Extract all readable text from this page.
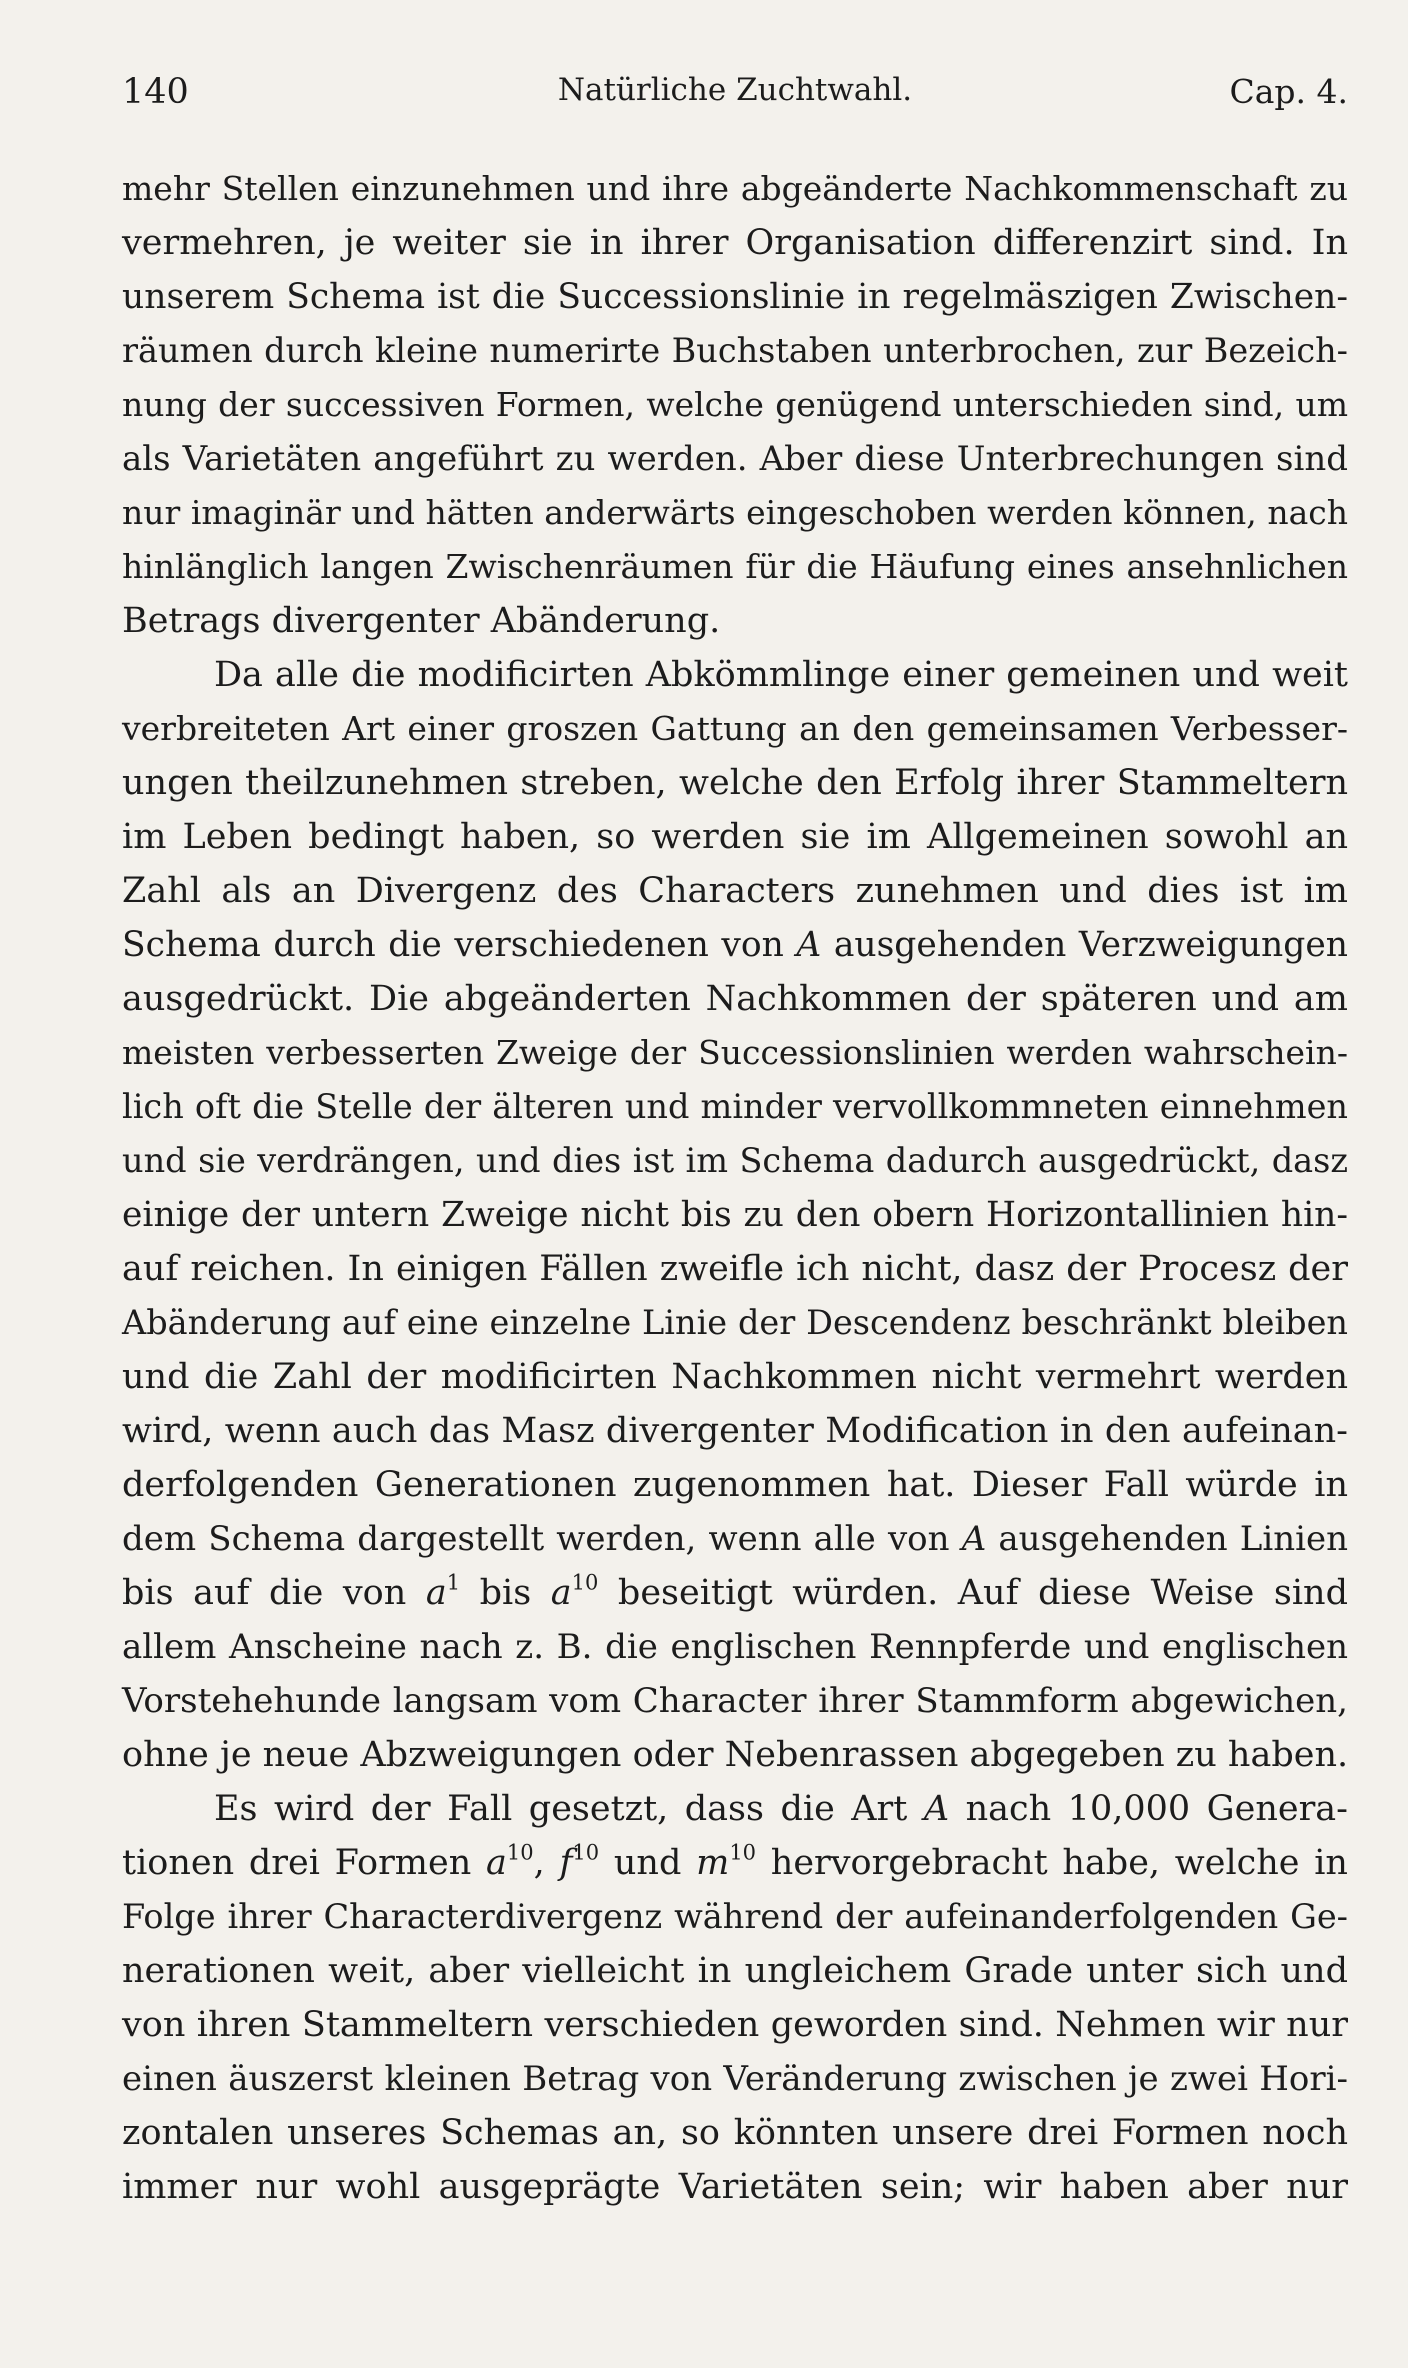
140	Natürliche Zuchtwahl.	Cap. 4.
mehr Stellen einzunehmen und ihre abgeänderte Nachkommenschaft zu
vermehren, je weiter sie in ihrer Organisation differenzirt sind. In
unserem Schema ist die Successionslinie in regelmäszigen Zwischen-
räumen durch kleine numerirte Buchstaben unterbrochen, zur Bezeich-
nung der successiven Formen, welche genügend unterschieden sind, um
als Varietäten angeführt zu werden. Aber diese Unterbrechungen sind
nur imaginär und hätten anderwärts eingeschoben werden können, nach
hinlänglich langen Zwischenräumen für die Häufung eines ansehnlichen
Betrags divergenter Abänderung.
Da alle die modificirten Abkömmlinge einer gemeinen und weit
verbreiteten Art einer groszen Gattung an den gemeinsamen Verbesser-
ungen theilzunehmen streben, welche den Erfolg ihrer Stammeltern
im Leben bedingt haben, so werden sie im Allgemeinen sowohl an
Zahl als an Divergenz des Characters zunehmen und dies ist im
Schema durch die verschiedenen von A ausgehenden Verzweigungen
ausgedrückt. Die abgeänderten Nachkommen der späteren und am
meisten verbesserten Zweige der Successionslinien werden wahrschein-
lich oft die Stelle der älteren und minder vervollkommneten einnehmen
und sie verdrängen, und dies ist im Schema dadurch ausgedrückt, dasz
einige der untern Zweige nicht bis zu den obern Horizontallinien hin-
auf reichen. In einigen Fällen zweifle ich nicht, dasz der Procesz der
Abänderung auf eine einzelne Linie der Descendenz beschränkt bleiben
und die Zahl der modificirten Nachkommen nicht vermehrt werden
wird, wenn auch das Masz divergenter Modification in den aufeinan-
derfolgenden Generationen zugenommen hat. Dieser Fall würde in
dem Schema dargestellt werden, wenn alle von A ausgehenden Linien
bis auf die von $a^1$ bis $a^{10}$ beseitigt würden. Auf diese Weise sind
allem Anscheine nach z. B. die englischen Rennpferde und englischen
Vorstehehunde langsam vom Character ihrer Stammform abgewichen,
ohne je neue Abzweigungen oder Nebenrassen abgegeben zu haben.
Es wird der Fall gesetzt, dass die Art A nach 10,000 Genera-
tionen drei Formen $a^{10}$, $f^{10}$ und $m^{10}$ hervorgebracht habe, welche in
Folge ihrer Characterdivergenz während der aufeinanderfolgenden Ge-
nerationen weit, aber vielleicht in ungleichem Grade unter sich und
von ihren Stammeltern verschieden geworden sind. Nehmen wir nur
einen äuszerst kleinen Betrag von Veränderung zwischen je zwei Hori-
zontalen unseres Schemas an, so könnten unsere drei Formen noch
immer nur wohl ausgeprägte Varietäten sein; wir haben aber nur
